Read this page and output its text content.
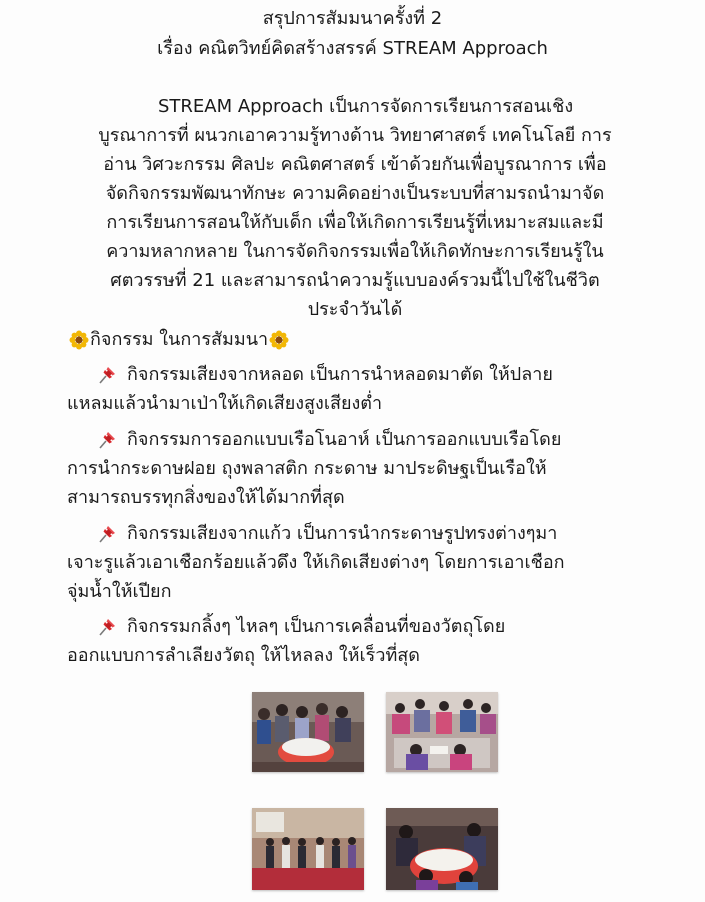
สรุปการสัมมนาครั้งที่ 2
เรื่อง คณิตวิทย์คิดสร้างสรรค์ STREAM Approach
STREAM Approach เป็นการจัดการเรียนการสอนเชิง
บูรณาการที่ ผนวกเอาความรู้ทางด้าน วิทยาศาสตร์ เทคโนโลยี การ
อ่าน วิศวะกรรม ศิลปะ คณิตศาสตร์ เข้าด้วยกันเพื่อบูรณาการ เพื่อ
จัดกิจกรรมพัฒนาทักษะ ความคิดอย่างเป็นระบบที่สามรถนำมาจัด
การเรียนการสอนให้กับเด็ก เพื่อให้เกิดการเรียนรู้ที่เหมาะสมและมี
ความหลากหลาย ในการจัดกิจกรรมเพื่อให้เกิดทักษะการเรียนรู้ใน
ศตวรรษที่ 21 และสามารถนำความรู้แบบองค์รวมนี้ไปใช้ในชีวิต
ประจำวันได้
กิจกรรม ในการสัมมนา
กิจกรรมเสียงจากหลอด เป็นการนำหลอดมาตัด ให้ปลาย
แหลมแล้วนำมาเป่าให้เกิดเสียงสูงเสียงต่ำ
กิจกรรมการออกแบบเรือโนอาห์ เป็นการออกแบบเรือโดย
การนำกระดาษฝอย ถุงพลาสติก กระดาษ มาประดิษฐเป็นเรือให้
สามารถบรรทุกสิ่งของให้ได้มากที่สุด
กิจกรรมเสียงจากแก้ว เป็นการนำกระดาษรูปทรงต่างๆมา
เจาะรูแล้วเอาเชือกร้อยแล้วดึง ให้เกิดเสียงต่างๆ โดยการเอาเชือก
จุ่มน้ำให้เปียก
กิจกรรมกลิ้งๆ ไหลๆ เป็นการเคลื่อนที่ของวัตถุโดย
ออกแบบการลำเลียงวัตถุ ให้ไหลลง ให้เร็วที่สุด
